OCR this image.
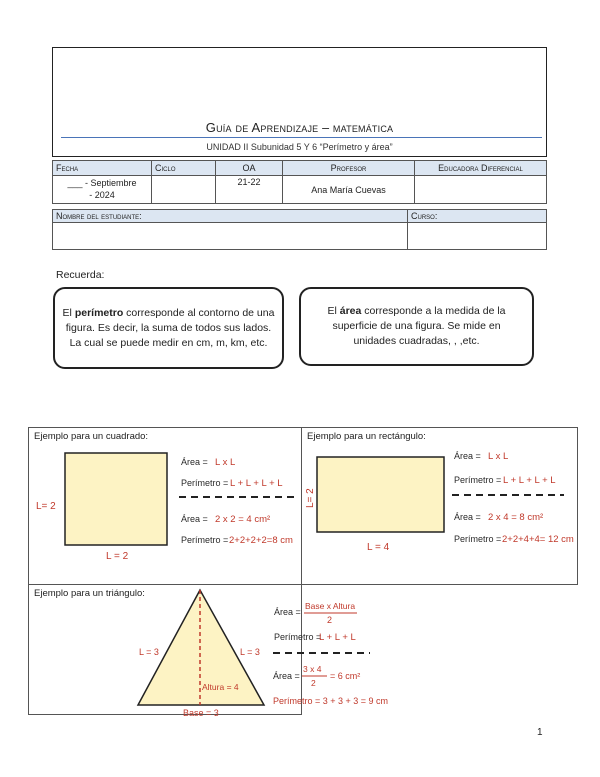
Guía de Aprendizaje – matemática
UNIDAD II Subunidad 5 Y 6 “Perímetro y área”
Fecha	Ciclo	OA	Profesor	Educadora Diferencial
___ - Septiembre - 2024		21-22	Ana María Cuevas	
Nombre del estudiante:	Curso:

Recuerda:
El perímetro corresponde al contorno de una figura. Es decir, la suma de todos sus lados. La cual se puede medir en cm, m, km, etc.
El área corresponde a la medida de la superficie de una figura. Se mide en unidades cuadradas, , ,etc.
Ejemplo para un cuadrado:
L= 2
L = 2
Área = L x L
Perímetro = L + L + L + L
Área = 2 x 2 = 4 cm²
Perímetro = 2+2+2+2=8 cm
Ejemplo para un rectángulo:
L= 2
L = 4
Área = L x L
Perímetro = L + L + L + L
Área = 2 x 4 = 8 cm²
Perímetro = 2+2+4+4= 12 cm
Ejemplo para un triángulo:
L = 3	L = 3
Altura = 4
Base = 3
Área =
Base x Altura
2
Perímetro =
L + L + L
Área =
3 x 4
2
= 6 cm²
Perímetro = 3 + 3 + 3 = 9 cm
1
